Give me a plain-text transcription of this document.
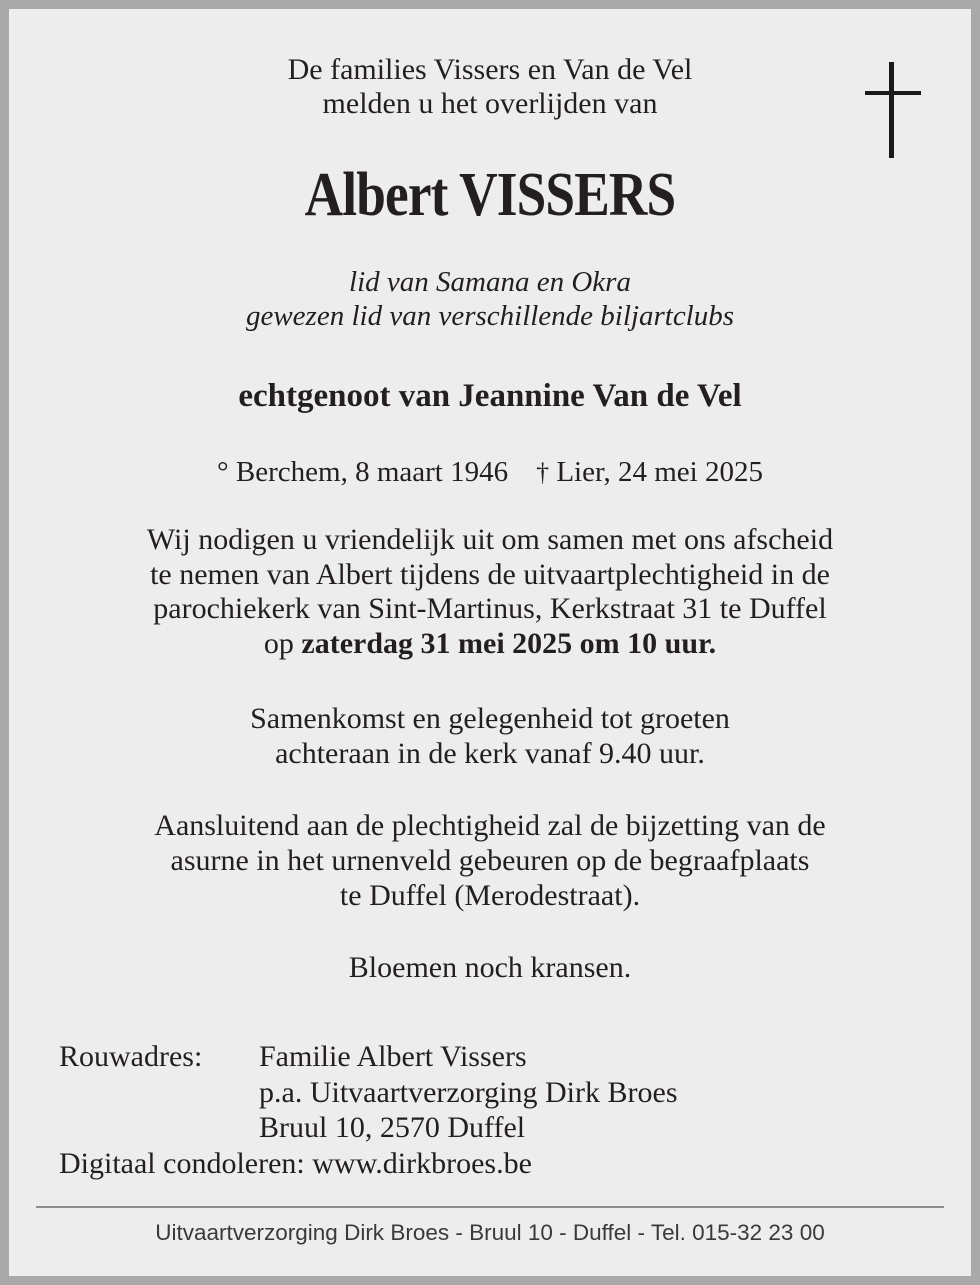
De families Vissers en Van de Vel
melden u het overlijden van
Albert VISSERS
lid van Samana en Okra
gewezen lid van verschillende biljartclubs
echtgenoot van Jeannine Van de Vel
° Berchem, 8 maart 1946 † Lier, 24 mei 2025
Wij nodigen u vriendelijk uit om samen met ons afscheid
te nemen van Albert tijdens de uitvaartplechtigheid in de
parochiekerk van Sint-Martinus, Kerkstraat 31 te Duffel
op zaterdag 31 mei 2025 om 10 uur.
Samenkomst en gelegenheid tot groeten
achteraan in de kerk vanaf 9.40 uur.
Aansluitend aan de plechtigheid zal de bijzetting van de
asurne in het urnenveld gebeuren op de begraafplaats
te Duffel (Merodestraat).
Bloemen noch kransen.
Rouwadres:	Familie Albert Vissers
p.a. Uitvaartverzorging Dirk Broes
Bruul 10, 2570 Duffel
Digitaal condoleren: www.dirkbroes.be
Uitvaartverzorging Dirk Broes - Bruul 10 - Duffel - Tel. 015-32 23 00
